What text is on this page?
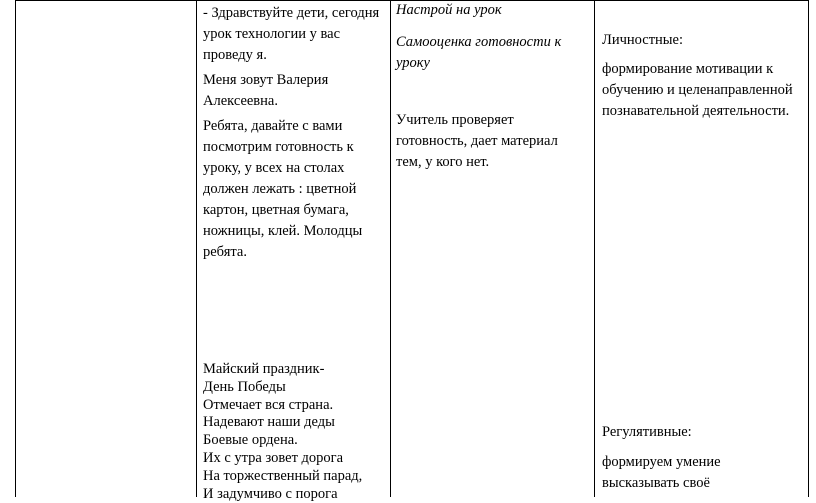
- Здравствуйте дети, сегодня урок технологии у вас проведу я.

Меня зовут Валерия Алексеевна.

Ребята, давайте с вами посмотрим готовность к уроку, у всех на столах должен лежать : цветной картон, цветная бумага, ножницы, клей. Молодцы ребята.

Майский праздник-
День Победы
Отмечает вся страна.
Надевают наши деды
Боевые ордена.
Их с утра зовет дорога
На торжественный парад,
И задумчиво с порога

Настрой на урок

Самооценка готовности к уроку

Учитель проверяет готовность, дает материал тем, у кого нет.

Личностные:

формирование мотивации к обучению и целенаправленной познавательной деятельности.

Регулятивные:

формируем умение высказывать своё
